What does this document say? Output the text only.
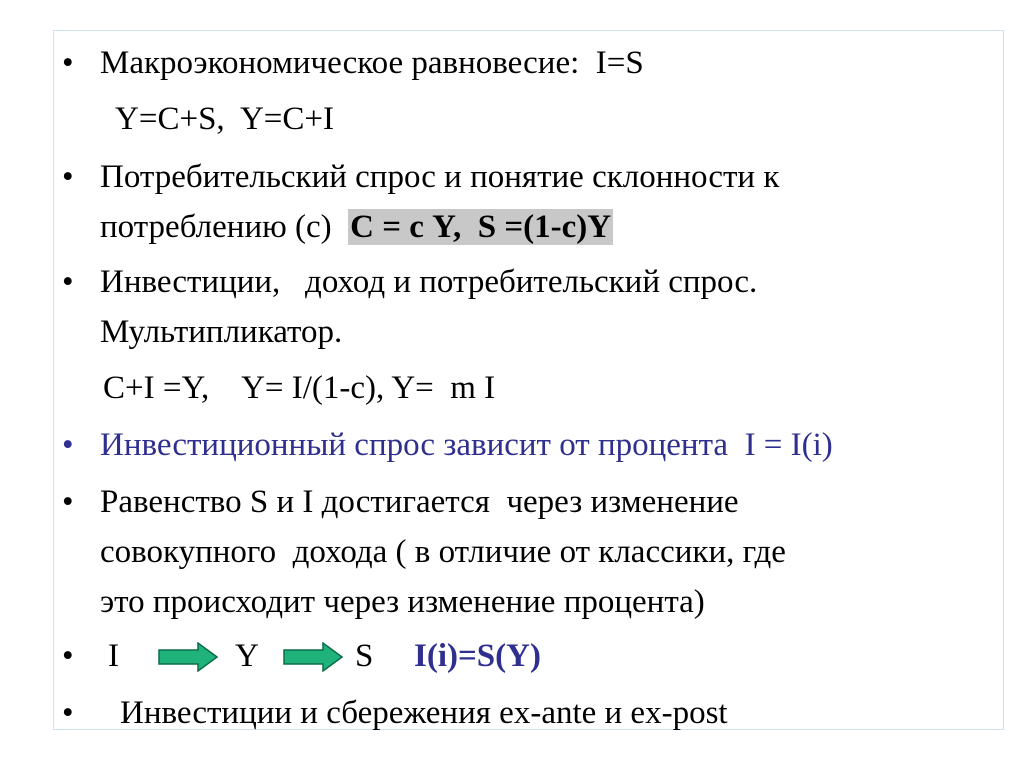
• Макроэкономическое равновесие:  I=S
Y=C+S,  Y=C+I
• Потребительский спрос и понятие склонности к
потреблению (с) C = с Y,  S =(1-с)Y
• Инвестиции,   доход и потребительский спрос.
Мультипликатор.
C+I =Y,    Y= I/(1-с), Y=  m I
• Инвестиционный спрос зависит от процента  I = I(i)
• Равенство S и I достигается  через изменение
совокупного  дохода ( в отличие от классики, где
это происходит через изменение процента)
• I	Y	S I(i)=S(Y)
• Инвестиции и сбережения ex-ante и ex-post
